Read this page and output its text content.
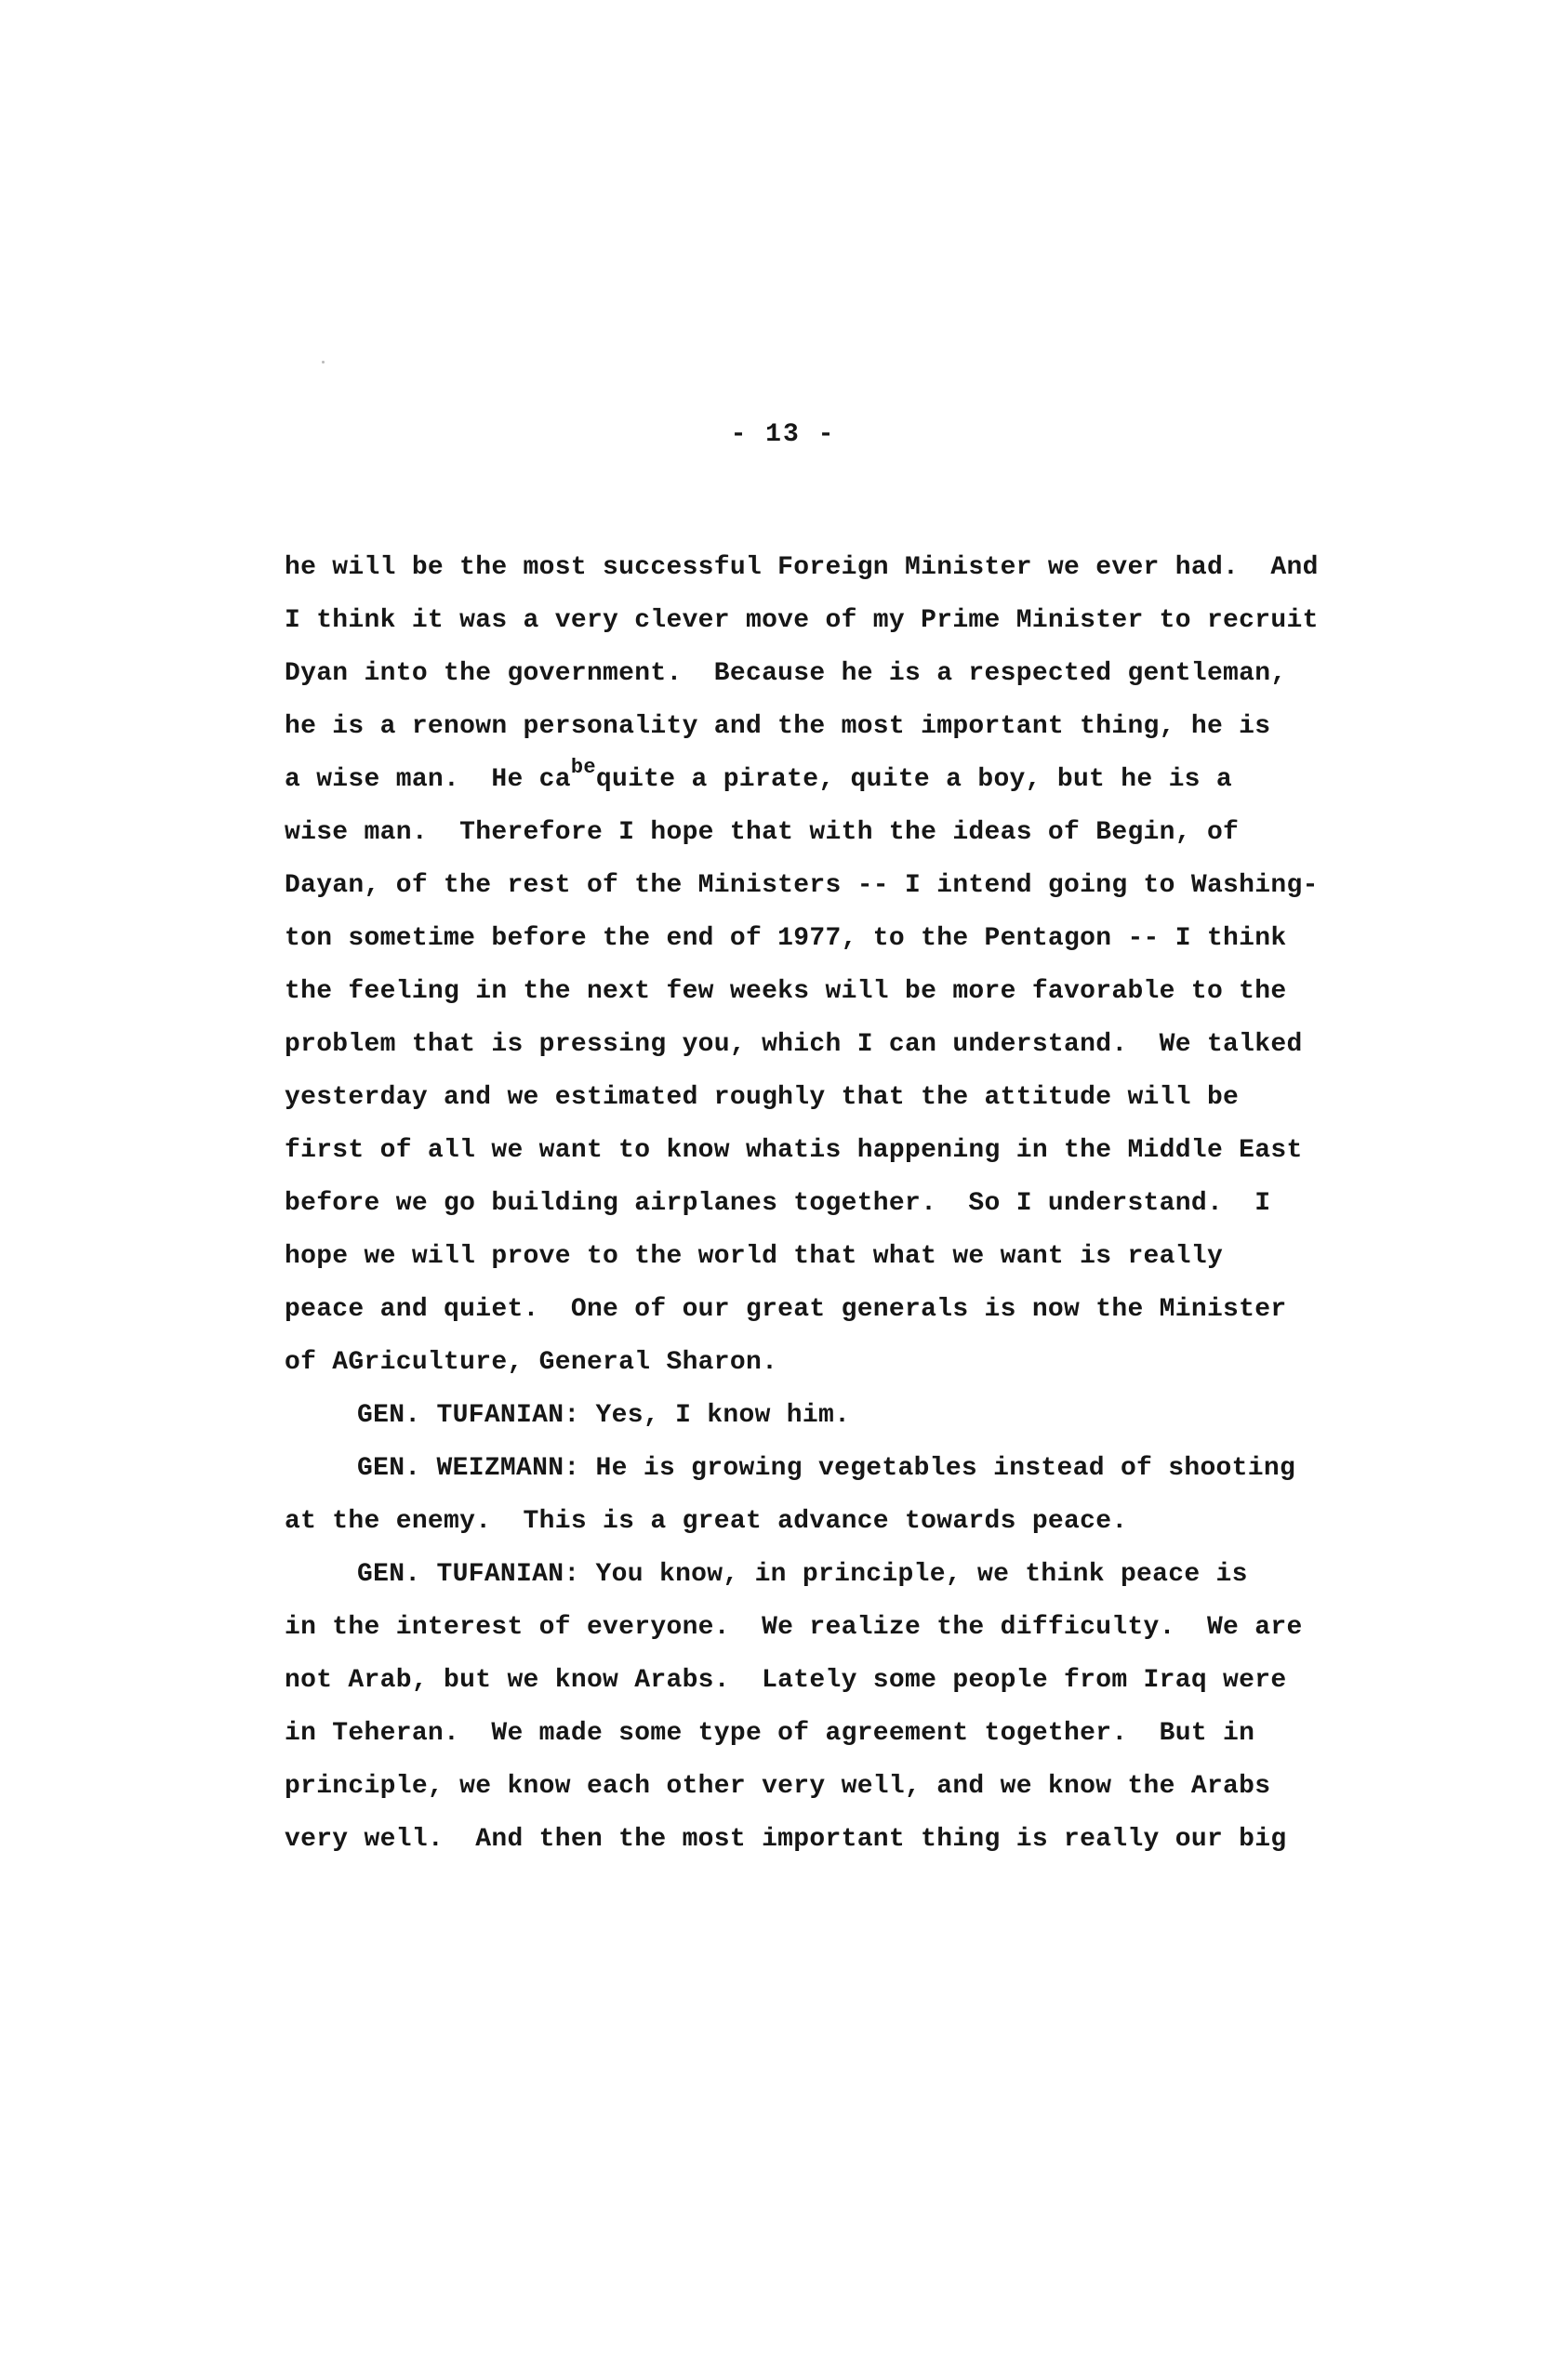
- 13 -
he will be the most successful Foreign Minister we ever had.  And
I think it was a very clever move of my Prime Minister to recruit
Dyan into the government.  Because he is a respected gentleman,
he is a renown personality and the most important thing, he is
a wise man.  He $ca^{be}quite$ a pirate, quite a boy, but he is a
wise man.  Therefore I hope that with the ideas of Begin, of
Dayan, of the rest of the Ministers -- I intend going to Washing-
ton sometime before the end of 1977, to the Pentagon -- I think
the feeling in the next few weeks will be more favorable to the
problem that is pressing you, which I can understand.  We talked
yesterday and we estimated roughly that the attitude will be
first of all we want to know whatis happening in the Middle East
before we go building airplanes together.  So I understand.  I
hope we will prove to the world that what we want is really
peace and quiet.  One of our great generals is now the Minister
of AGriculture, General Sharon.
GEN. TUFANIAN: Yes, I know him.
GEN. WEIZMANN: He is growing vegetables instead of shooting
at the enemy.  This is a great advance towards peace.
GEN. TUFANIAN: You know, in principle, we think peace is
in the interest of everyone.  We realize the difficulty.  We are
not Arab, but we know Arabs.  Lately some people from Iraq were
in Teheran.  We made some type of agreement together.  But in
principle, we know each other very well, and we know the Arabs
very well.  And then the most important thing is really our big
